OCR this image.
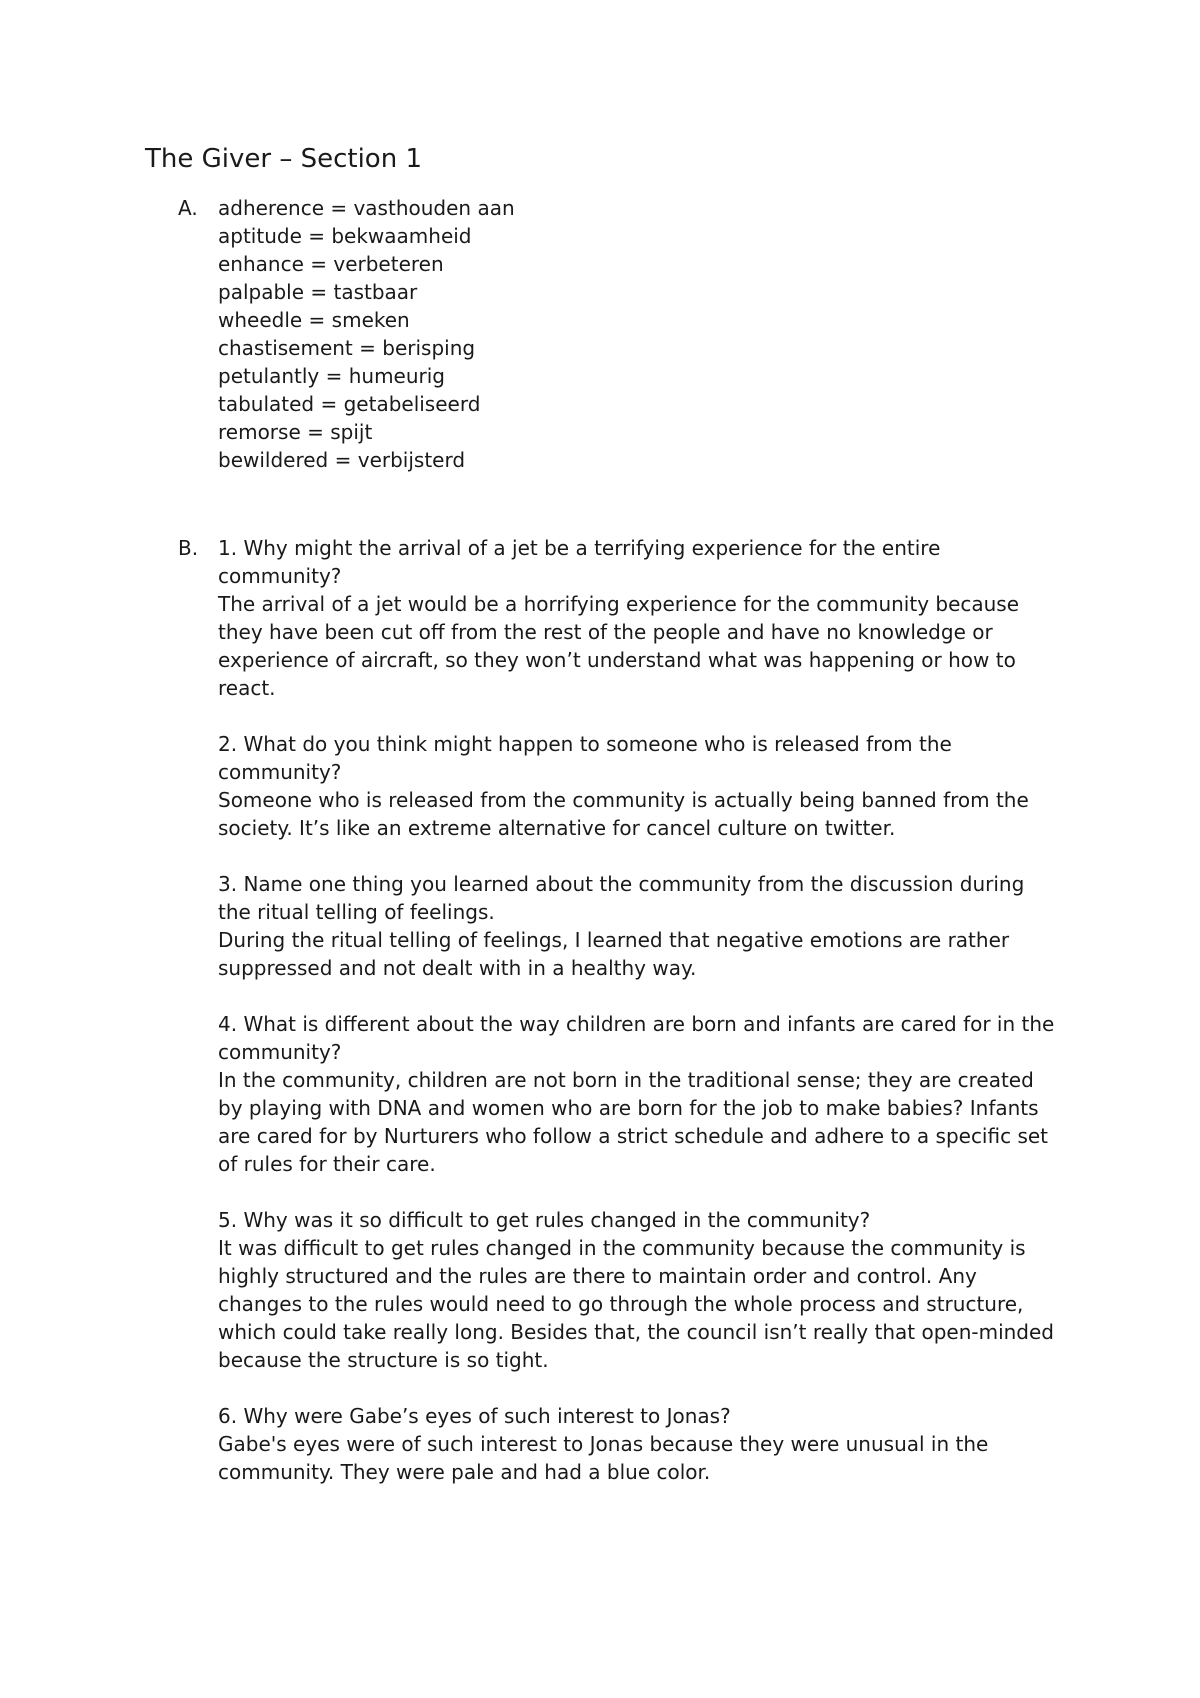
The Giver – Section 1
A.	adherence = vasthouden aan
aptitude = bekwaamheid
enhance = verbeteren
palpable = tastbaar
wheedle = smeken
chastisement = berisping
petulantly = humeurig
tabulated = getabeliseerd
remorse = spijt
bewildered = verbijsterd
B. 1. Why might the arrival of a jet be a terrifying experience for the entire community?

The arrival of a jet would be a horrifying experience for the community because they have been cut off from the rest of the people and have no knowledge or experience of aircraft, so they won’t understand what was happening or how to react.

2. What do you think might happen to someone who is released from the community?

Someone who is released from the community is actually being banned from the society. It’s like an extreme alternative for cancel culture on twitter.

3. Name one thing you learned about the community from the discussion during the ritual telling of feelings.

During the ritual telling of feelings, I learned that negative emotions are rather suppressed and not dealt with in a healthy way.

4. What is different about the way children are born and infants are cared for in the community?

In the community, children are not born in the traditional sense; they are created by playing with DNA and women who are born for the job to make babies? Infants are cared for by Nurturers who follow a strict schedule and adhere to a specific set of rules for their care.

5. Why was it so difficult to get rules changed in the community?

It was difficult to get rules changed in the community because the community is highly structured and the rules are there to maintain order and control. Any changes to the rules would need to go through the whole process and structure, which could take really long. Besides that, the council isn’t really that open-minded because the structure is so tight.

6. Why were Gabe’s eyes of such interest to Jonas?

Gabe's eyes were of such interest to Jonas because they were unusual in the community. They were pale and had a blue color.
